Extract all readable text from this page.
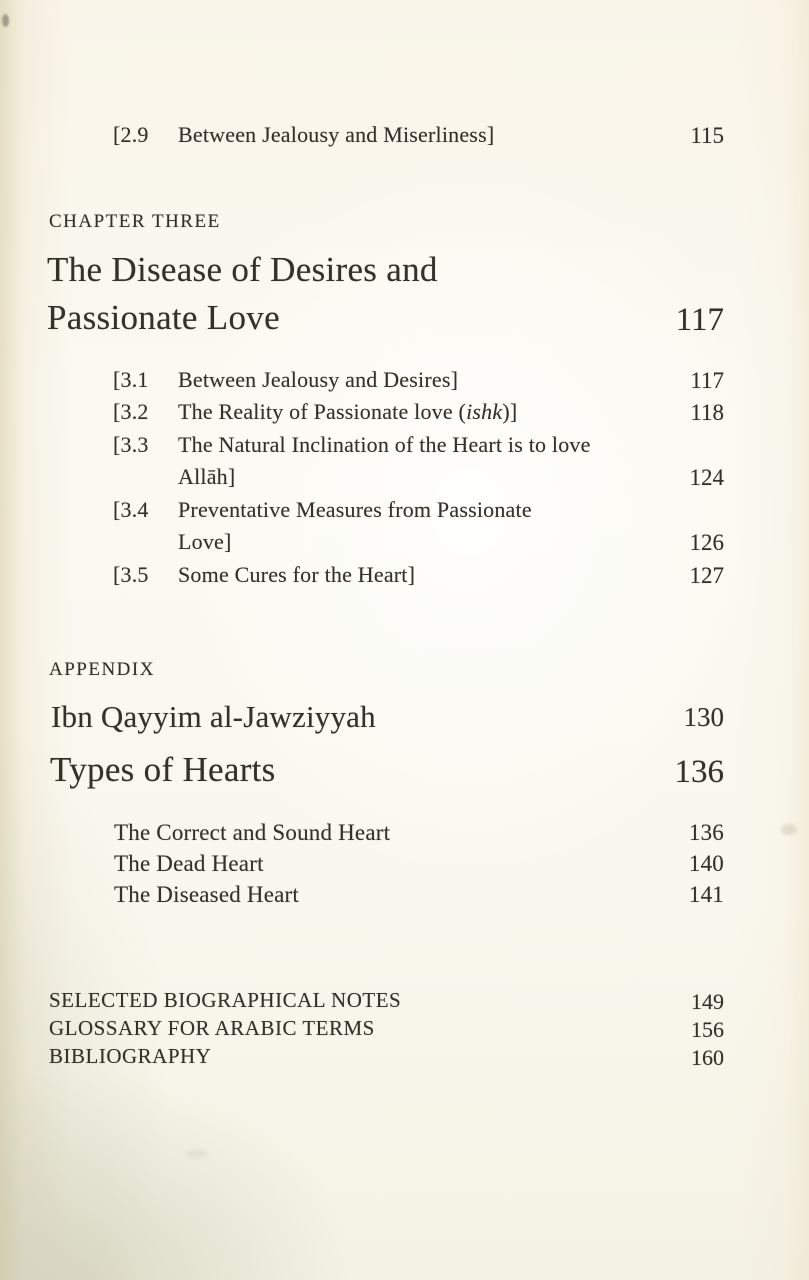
[2.9 Between Jealousy and Miserliness]	115
CHAPTER THREE
The Disease of Desires and
Passionate Love	117
[3.1 Between Jealousy and Desires]	117
[3.2 The Reality of Passionate love (ishk)]	118
[3.3 The Natural Inclination of the Heart is to love
Allāh]	124
[3.4 Preventative Measures from Passionate
Love]	126
[3.5 Some Cures for the Heart]	127
APPENDIX
Ibn Qayyim al-Jawziyyah	130
Types of Hearts	136
The Correct and Sound Heart	136
The Dead Heart	140
The Diseased Heart	141
SELECTED BIOGRAPHICAL NOTES	149
GLOSSARY FOR ARABIC TERMS	156
BIBLIOGRAPHY	160
